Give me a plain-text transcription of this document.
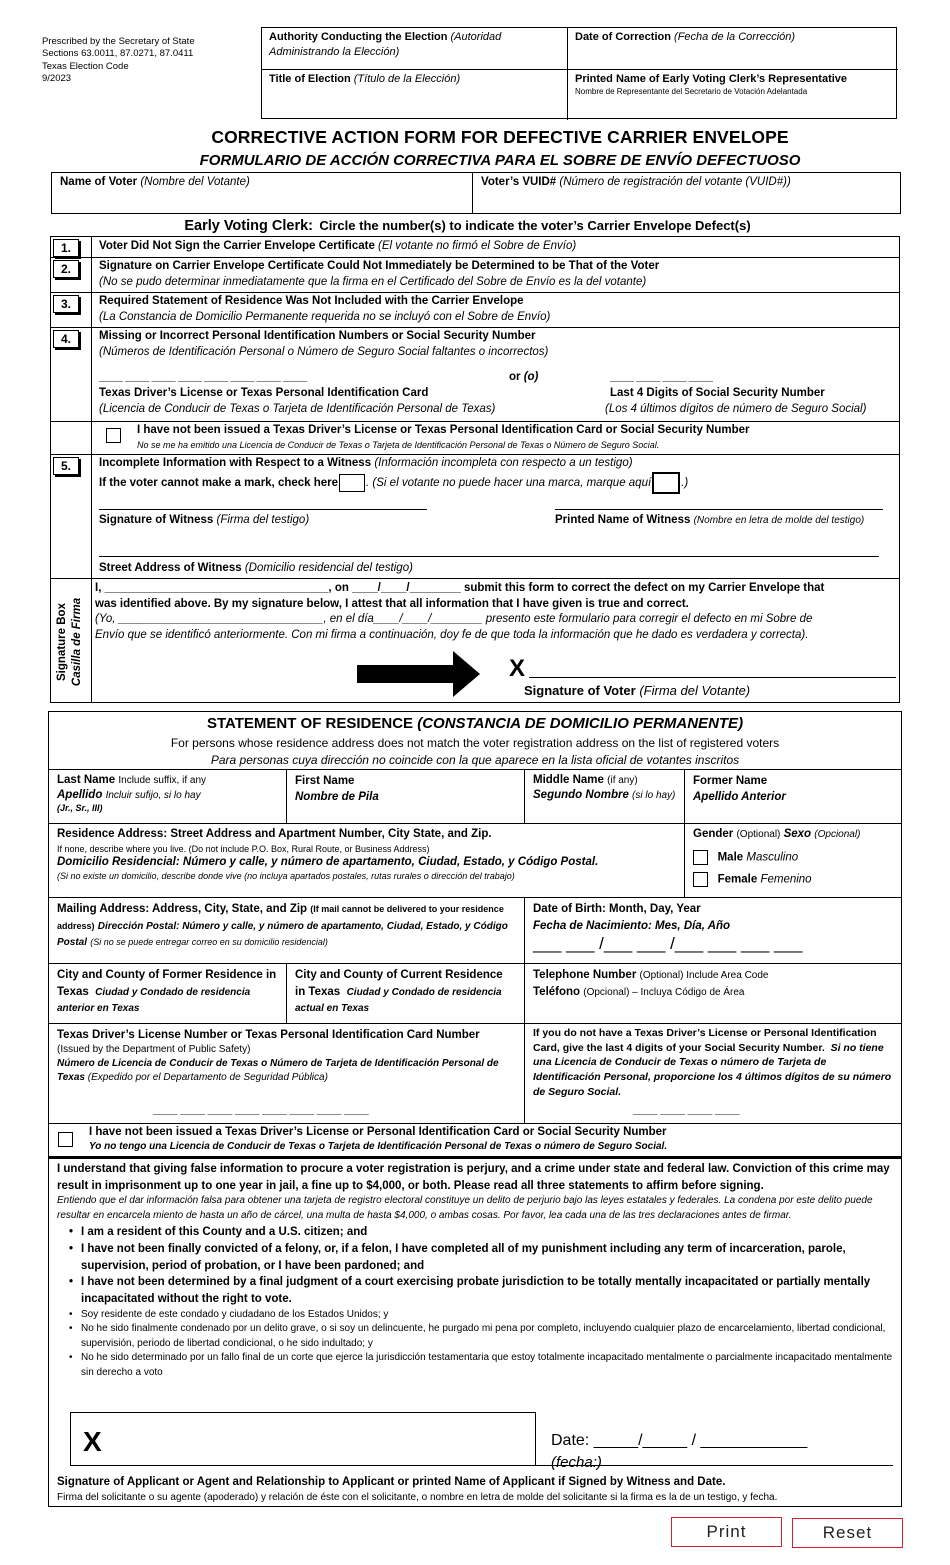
Prescribed by the Secretary of State
Sections 63.0011, 87.0271, 87.0411
Texas Election Code
9/2023
Authority Conducting the Election (Autoridad Administrando la Elección)
Date of Correction (Fecha de la Corrección)
Title of Election (Título de la Elección)	Printed Name of Early Voting Clerk’s Representative
Nombre de Representante del Secretario de Votación Adelantada
CORRECTIVE ACTION FORM FOR DEFECTIVE CARRIER ENVELOPE
FORMULARIO DE ACCIÓN CORRECTIVA PARA EL SOBRE DE ENVÍO DEFECTUOSO
Name of Voter (Nombre del Votante)	Voter’s VUID# (Número de registración del votante (VUID#))
Early Voting Clerk: Circle the number(s) to indicate the voter’s Carrier Envelope Defect(s)
1.	Voter Did Not Sign the Carrier Envelope Certificate (El votante no firmó el Sobre de Envío)
2.	Signature on Carrier Envelope Certificate Could Not Immediately be Determined to be That of the Voter
(No se pudo determinar inmediatamente que la firma en el Certificado del Sobre de Envío es la del votante)
3.	Required Statement of Residence Was Not Included with the Carrier Envelope
(La Constancia de Domicilio Permanente requerida no se incluyó con el Sobre de Envío)
4.	Missing or Incorrect Personal Identification Numbers or Social Security Number
(Números de Identificación Personal o Número de Seguro Social faltantes o incorrectos)
____ ____ ____ ____ ____ ____ ____ ____	or (o)	____ ____ ____ ____
Texas Driver’s License or Texas Personal Identification Card
(Licencia de Conducir de Texas o Tarjeta de Identificación Personal de Texas)
Last 4 Digits of Social Security Number
(Los 4 últimos dígitos de número de Seguro Social)
I have not been issued a Texas Driver’s License or Texas Personal Identification Card or Social Security Number
No se me ha emitido una Licencia de Conducir de Texas o Tarjeta de Identificación Personal de Texas o Número de Seguro Social.
5.	Incomplete Information with Respect to a Witness (Información incompleta con respecto a un testigo)
If the voter cannot make a mark, check here . (Si el votante no puede hacer una marca, marque aquí	.)
Signature of Witness (Firma del testigo)	Printed Name of Witness (Nombre en letra de molde del testigo)
Street Address of Witness (Domicilio residencial del testigo)
Signature Box Casilla de Firma
I, ___________________________________, on ____/____/________ submit this form to correct the defect on my Carrier Envelope that
was identified above. By my signature below, I attest that all information that I have given is true and correct.
(Yo, ________________________________, en el día____/____/________ presento este formulario para corregir el defecto en mi Sobre de
Envío que se identificó anteriormente. Con mi firma a continuación, doy fe de que toda la información que he dado es verdadera y correcta).
X
Signature of Voter (Firma del Votante)
STATEMENT OF RESIDENCE (CONSTANCIA DE DOMICILIO PERMANENTE)
For persons whose residence address does not match the voter registration address on the list of registered voters
Para personas cuya dirección no coincide con la que aparece en la lista oficial de votantes inscritos
Last Name Include suffix, if any
Apellido Incluir sufijo, si lo hay
(Jr., Sr., III)
First Name
Nombre de Pila
Middle Name (if any)
Segundo Nombre (si lo hay)
Former Name
Apellido Anterior
Residence Address: Street Address and Apartment Number, City State, and Zip.
If none, describe where you live. (Do not include P.O. Box, Rural Route, or Business Address)
Domicilio Residencial: Número y calle, y número de apartamento, Ciudad, Estado, y Código Postal.
(Si no existe un domicilio, describe donde vive (no incluya apartados postales, rutas rurales o dirección del trabajo)
Gender (Optional) Sexo (Opcional)
Male Masculino
Female Femenino
Mailing Address: Address, City, State, and Zip (If mail cannot be delivered to your residence address) Dirección Postal: Número y calle, y número de apartamento, Ciudad, Estado, y Código Postal (Si no se puede entregar correo en su domicilio residencial)
Date of Birth: Month, Day, Year
Fecha de Nacimiento: Mes, Día, Año
___ ___ /___ ___ /___ ___ ___ ___
City and County of Former Residence in Texas Ciudad y Condado de residencia anterior en Texas
City and County of Current Residence in Texas Ciudad y Condado de residencia actual en Texas
Telephone Number (Optional) Include Area Code
Teléfono (Opcional) – Incluya Código de Área
Texas Driver’s License Number or Texas Personal Identification Card Number
(Issued by the Department of Public Safety)
Número de Licencia de Conducir de Texas o Número de Tarjeta de Identificación Personal de Texas (Expedido por el Departamento de Seguridad Pública)
____ ____ ____ ____ ____ ____ ____ ____
If you do not have a Texas Driver’s License or Personal Identification Card, give the last 4 digits of your Social Security Number. Si no tiene una Licencia de Conducir de Texas o número de Tarjeta de Identificación Personal, proporcione los 4 últimos dígitos de su número de Seguro Social.
____ ____ ____ ____
I have not been issued a Texas Driver’s License or Personal Identification Card or Social Security Number
Yo no tengo una Licencia de Conducir de Texas o Tarjeta de Identificación Personal de Texas o número de Seguro Social.
I understand that giving false information to procure a voter registration is perjury, and a crime under state and federal law. Conviction of this crime may result in imprisonment up to one year in jail, a fine up to $4,000, or both. Please read all three statements to affirm before signing.
Entiendo que el dar información falsa para obtener una tarjeta de registro electoral constituye un delito de perjurio bajo las leyes estatales y federales. La condena por este delito puede resultar en encarcela miento de hasta un año de cárcel, una multa de hasta $4,000, o ambas cosas. Por favor, lea cada una de las tres declaraciones antes de firmar.
• I am a resident of this County and a U.S. citizen; and
• I have not been finally convicted of a felony, or, if a felon, I have completed all of my punishment including any term of incarceration, parole, supervision, period of probation, or I have been pardoned; and
• I have not been determined by a final judgment of a court exercising probate jurisdiction to be totally mentally incapacitated or partially mentally incapacitated without the right to vote.
• Soy residente de este condado y ciudadano de los Estados Unidos; y
• No he sido finalmente condenado por un delito grave, o si soy un delincuente, he purgado mi pena por completo, incluyendo cualquier plazo de encarcelamiento, libertad condicional, supervisión, periodo de libertad condicional, o he sido indultado; y
• No he sido determinado por un fallo final de un corte que ejerce la jurisdicción testamentaria que estoy totalmente incapacitado mentalmente o parcialmente incapacitado mentalmente sin derecho a voto
X	Date: _____/_____ / ____________
(fecha:)
Signature of Applicant or Agent and Relationship to Applicant or printed Name of Applicant if Signed by Witness and Date.
Firma del solicitante o su agente (apoderado) y relación de éste con el solicitante, o nombre en letra de molde del solicitante si la firma es la de un testigo, y fecha.
Print	Reset
